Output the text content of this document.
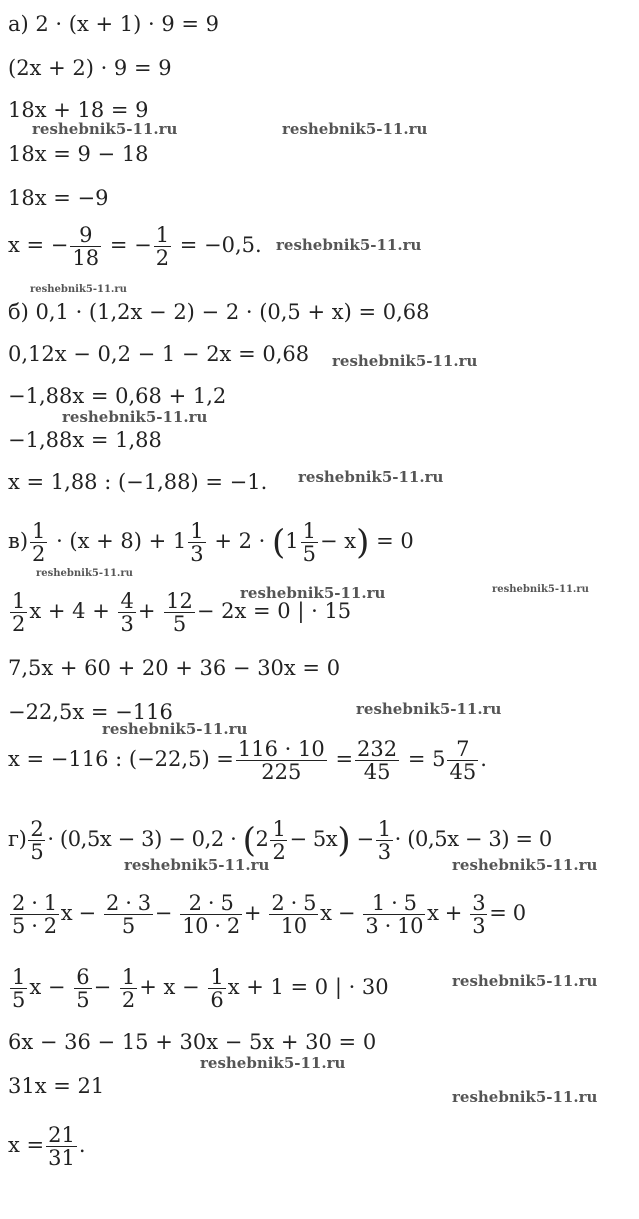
а) 2 · (x + 1) · 9 = 9
(2x + 2) · 9 = 9
18x + 18 = 9
18x = 9 − 18
18x = −9
x = − $\frac{9}{18}$ = − $\frac{1}{2} = -0,5$.
б) 0,1 · (1,2x − 2) − 2 · (0,5 + x) = 0,68
0,12x − 0,2 − 1 − 2x = 0,68
−1,88x = 0,68 + 1,2
−1,88x = 1,88
x = 1,88 : (−1,88) = −1.
$в) \frac{1}{2} \cdot (x + 8) + 1 \frac{1}{3} + 2 \cdot (1 \frac{1}{5} - x) = 0$
$\frac{1}{2}$ $x + 4 + \frac{4}{3} + \frac{12}{5} - 2x = 0$ | · 15
7,5x + 60 + 20 + 36 − 30x = 0
−22,5x = −116
x = −116 : $(-22,5) = \frac{116 \cdot 10}{225} = \frac{232}{45} = 5 \frac{7}{45}$ .
$г) \frac{2}{5} \cdot (0,5x - 3) - 0,2 \cdot (2 \frac{1}{2} - 5x) - \frac{1}{3} \cdot (0,5x - 3) = 0$
$\frac{2 \cdot 1}{5 \cdot 2}$ $x - \frac{2 \cdot 3}{5} - \frac{2 \cdot 5}{10 \cdot 2} + \frac{2 \cdot 5}{10}$ $x - \frac{1 \cdot 5}{3 \cdot 10}$ $x + \frac{3}{3} = 0$
$\frac{1}{5}$ $x - \frac{6}{5} - \frac{1}{2} + x - \frac{1}{6}$ x + 1 = 0 | · 30
6x − 36 − 15 + 30x − 5x + 30 = 0
31x = 21
$x = \frac{21}{31}$ .
reshebnik5-11.ru	reshebnik5-11.ru
reshebnik5-11.ru
reshebnik5-11.ru
reshebnik5-11.ru
reshebnik5-11.ru
reshebnik5-11.ru
reshebnik5-11.ru
reshebnik5-11.ru	reshebnik5-11.ru
reshebnik5-11.ru
reshebnik5-11.ru
reshebnik5-11.ru	reshebnik5-11.ru
reshebnik5-11.ru
reshebnik5-11.ru
reshebnik5-11.ru
